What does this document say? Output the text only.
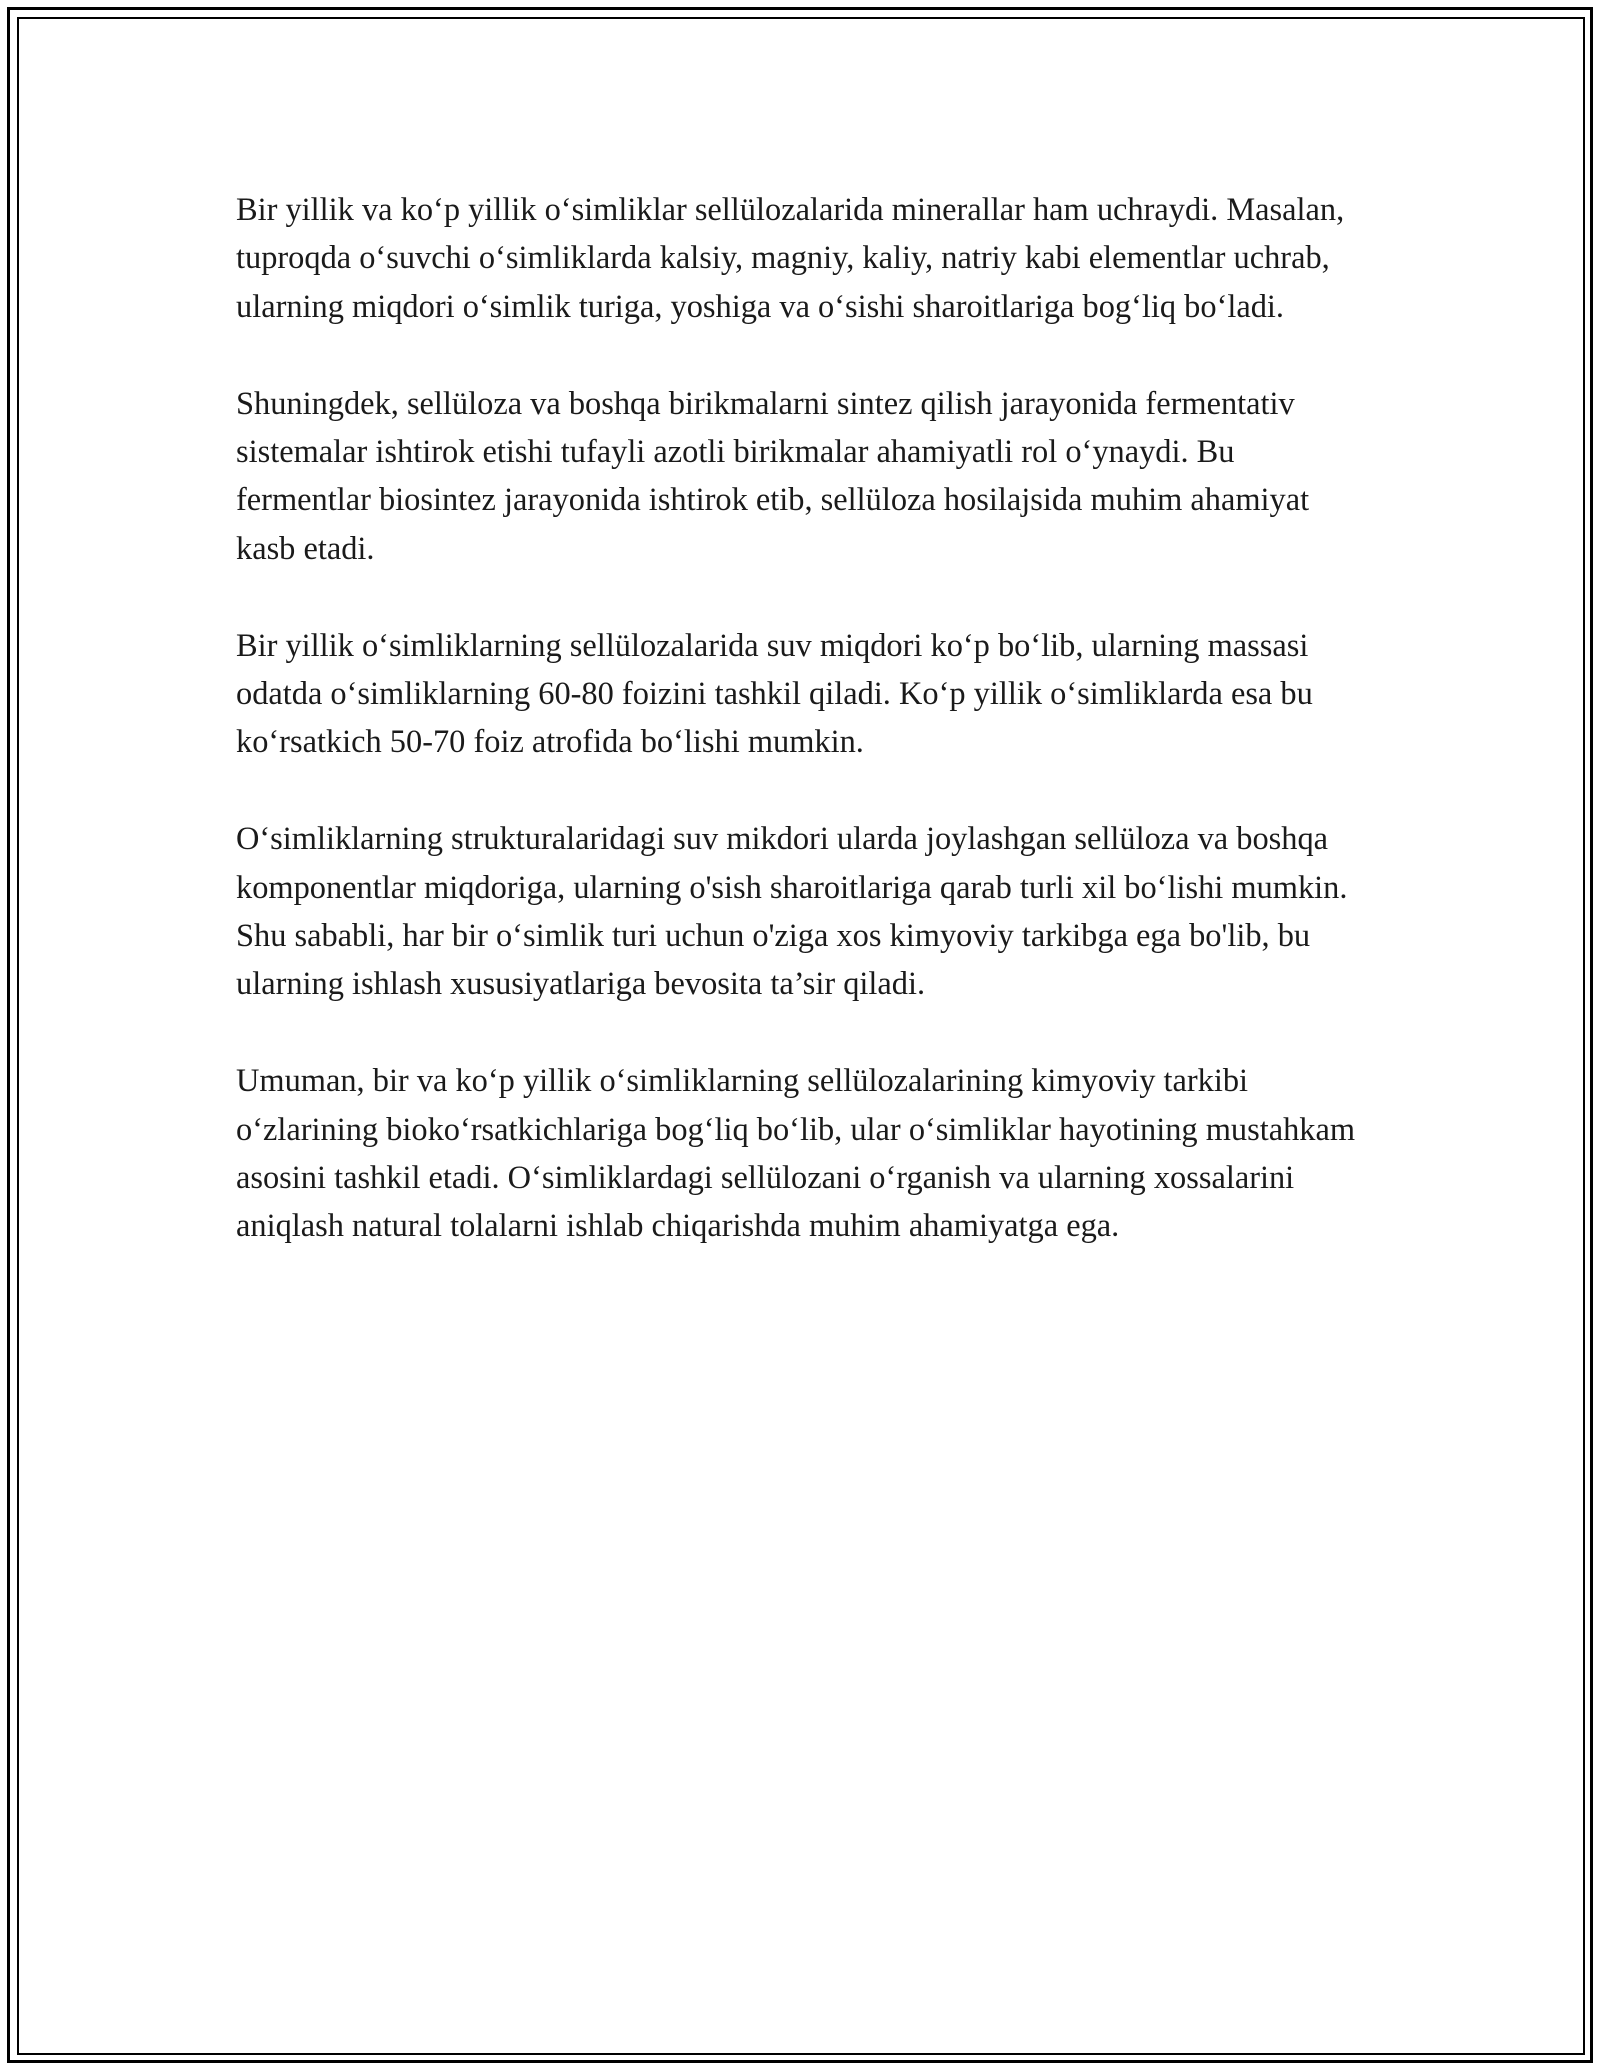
Bir yillik va ko‘p yillik o‘simliklar sellülozalarida minerallar ham uchraydi. Masalan, tuproqda o‘suvchi o‘simliklarda kalsiy, magniy, kaliy, natriy kabi elementlar uchrab, ularning miqdori o‘simlik turiga, yoshiga va o‘sishi sharoitlariga bog‘liq bo‘ladi.

Shuningdek, sellüloza va boshqa birikmalarni sintez qilish jarayonida fermentativ sistemalar ishtirok etishi tufayli azotli birikmalar ahamiyatli rol o‘ynaydi. Bu fermentlar biosintez jarayonida ishtirok etib, sellüloza hosilajsida muhim ahamiyat kasb etadi.

Bir yillik o‘simliklarning sellülozalarida suv miqdori ko‘p bo‘lib, ularning massasi odatda o‘simliklarning 60-80 foizini tashkil qiladi. Ko‘p yillik o‘simliklarda esa bu ko‘rsatkich 50-70 foiz atrofida bo‘lishi mumkin.

O‘simliklarning strukturalaridagi suv mikdori ularda joylashgan sellüloza va boshqa komponentlar miqdoriga, ularning o'sish sharoitlariga qarab turli xil bo‘lishi mumkin. Shu sababli, har bir o‘simlik turi uchun o'ziga xos kimyoviy tarkibga ega bo'lib, bu ularning ishlash xususiyatlariga bevosita ta’sir qiladi.

Umuman, bir va ko‘p yillik o‘simliklarning sellülozalarining kimyoviy tarkibi o‘zlarining bioko‘rsatkichlariga bog‘liq bo‘lib, ular o‘simliklar hayotining mustahkam asosini tashkil etadi. O‘simliklardagi sellülozani o‘rganish va ularning xossalarini aniqlash natural tolalarni ishlab chiqarishda muhim ahamiyatga ega.
